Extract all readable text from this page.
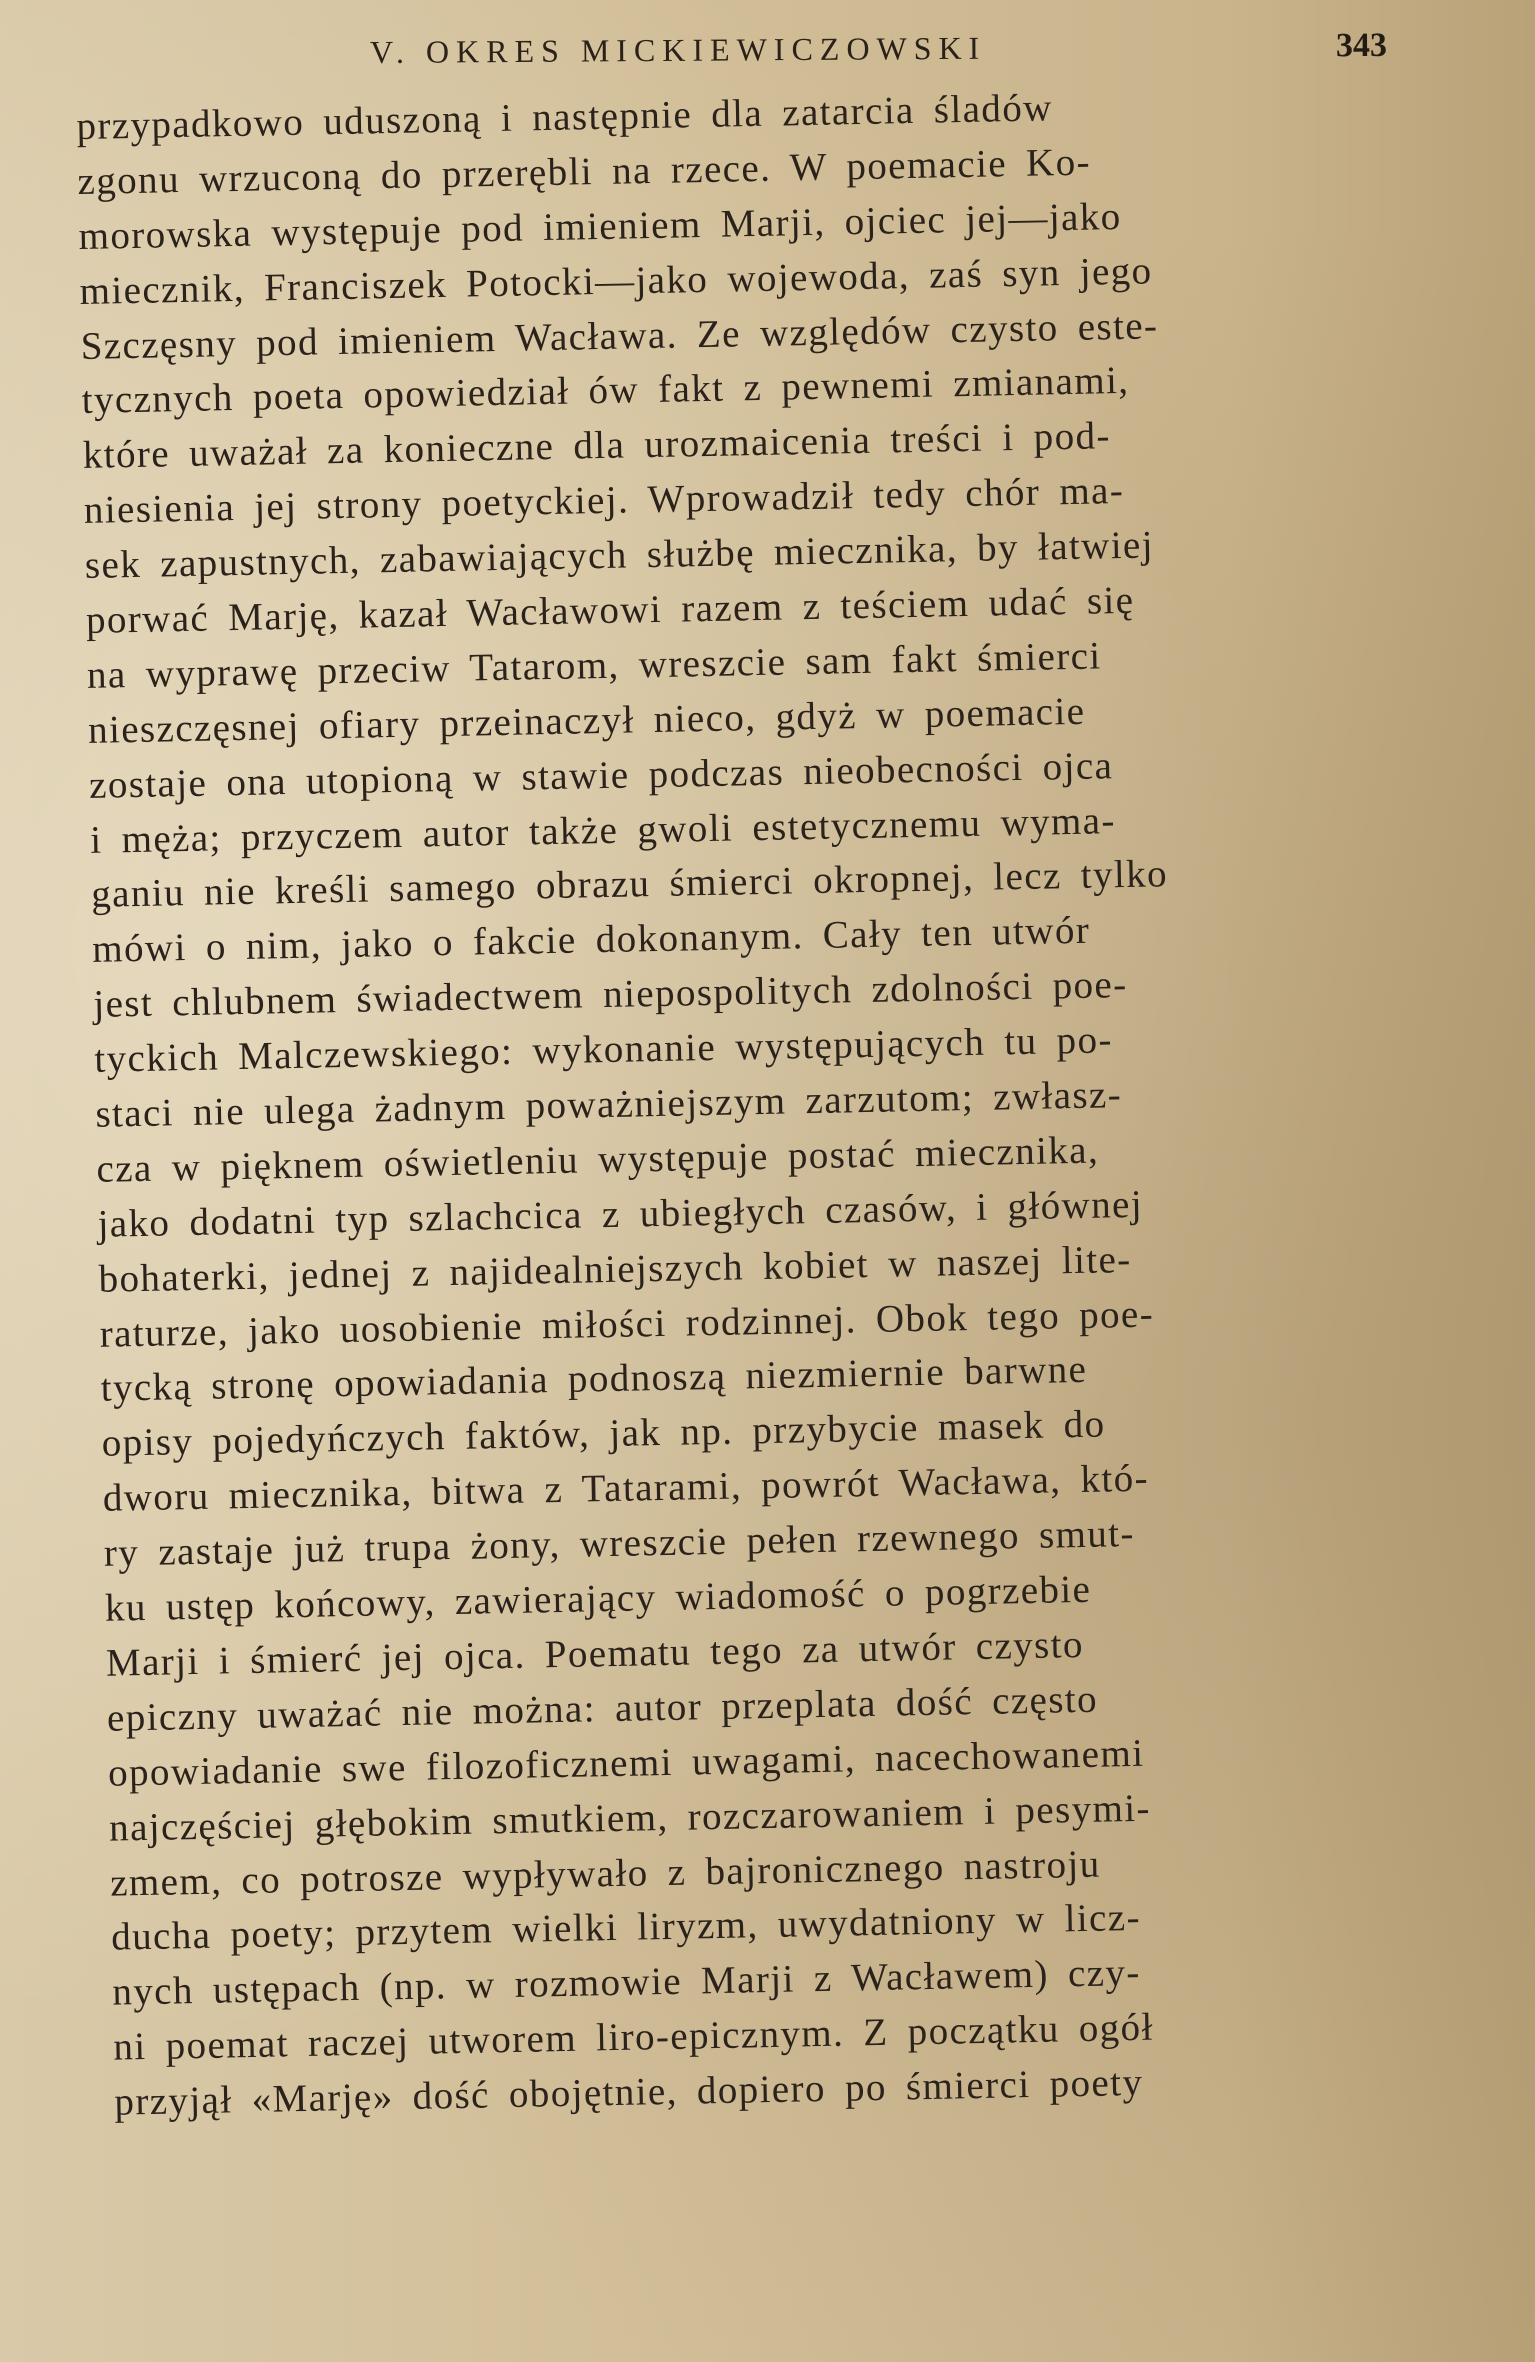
V. OKRES MICKIEWICZOWSKI	343
przypadkowo uduszoną i następnie dla zatarcia śladów
zgonu wrzuconą do przerębli na rzece. W poemacie Ko-
morowska występuje pod imieniem Marji, ojciec jej—jako
miecznik, Franciszek Potocki—jako wojewoda, zaś syn jego
Szczęsny pod imieniem Wacława. Ze względów czysto este-
tycznych poeta opowiedział ów fakt z pewnemi zmianami,
które uważał za konieczne dla urozmaicenia treści i pod-
niesienia jej strony poetyckiej. Wprowadził tedy chór ma-
sek zapustnych, zabawiających służbę miecznika, by łatwiej
porwać Marję, kazał Wacławowi razem z teściem udać się
na wyprawę przeciw Tatarom, wreszcie sam fakt śmierci
nieszczęsnej ofiary przeinaczył nieco, gdyż w poemacie
zostaje ona utopioną w stawie podczas nieobecności ojca
i męża; przyczem autor także gwoli estetycznemu wyma-
ganiu nie kreśli samego obrazu śmierci okropnej, lecz tylko
mówi o nim, jako o fakcie dokonanym. Cały ten utwór
jest chlubnem świadectwem niepospolitych zdolności poe-
tyckich Malczewskiego: wykonanie występujących tu po-
staci nie ulega żadnym poważniejszym zarzutom; zwłasz-
cza w pięknem oświetleniu występuje postać miecznika,
jako dodatni typ szlachcica z ubiegłych czasów, i głównej
bohaterki, jednej z najidealniejszych kobiet w naszej lite-
raturze, jako uosobienie miłości rodzinnej. Obok tego poe-
tycką stronę opowiadania podnoszą niezmiernie barwne
opisy pojedyńczych faktów, jak np. przybycie masek do
dworu miecznika, bitwa z Tatarami, powrót Wacława, któ-
ry zastaje już trupa żony, wreszcie pełen rzewnego smut-
ku ustęp końcowy, zawierający wiadomość o pogrzebie
Marji i śmierć jej ojca. Poematu tego za utwór czysto
epiczny uważać nie można: autor przeplata dość często
opowiadanie swe filozoficznemi uwagami, nacechowanemi
najczęściej głębokim smutkiem, rozczarowaniem i pesymi-
zmem, co potrosze wypływało z bajronicznego nastroju
ducha poety; przytem wielki liryzm, uwydatniony w licz-
nych ustępach (np. w rozmowie Marji z Wacławem) czy-
ni poemat raczej utworem liro-epicznym. Z początku ogół
przyjął «Marję» dość obojętnie, dopiero po śmierci poety
